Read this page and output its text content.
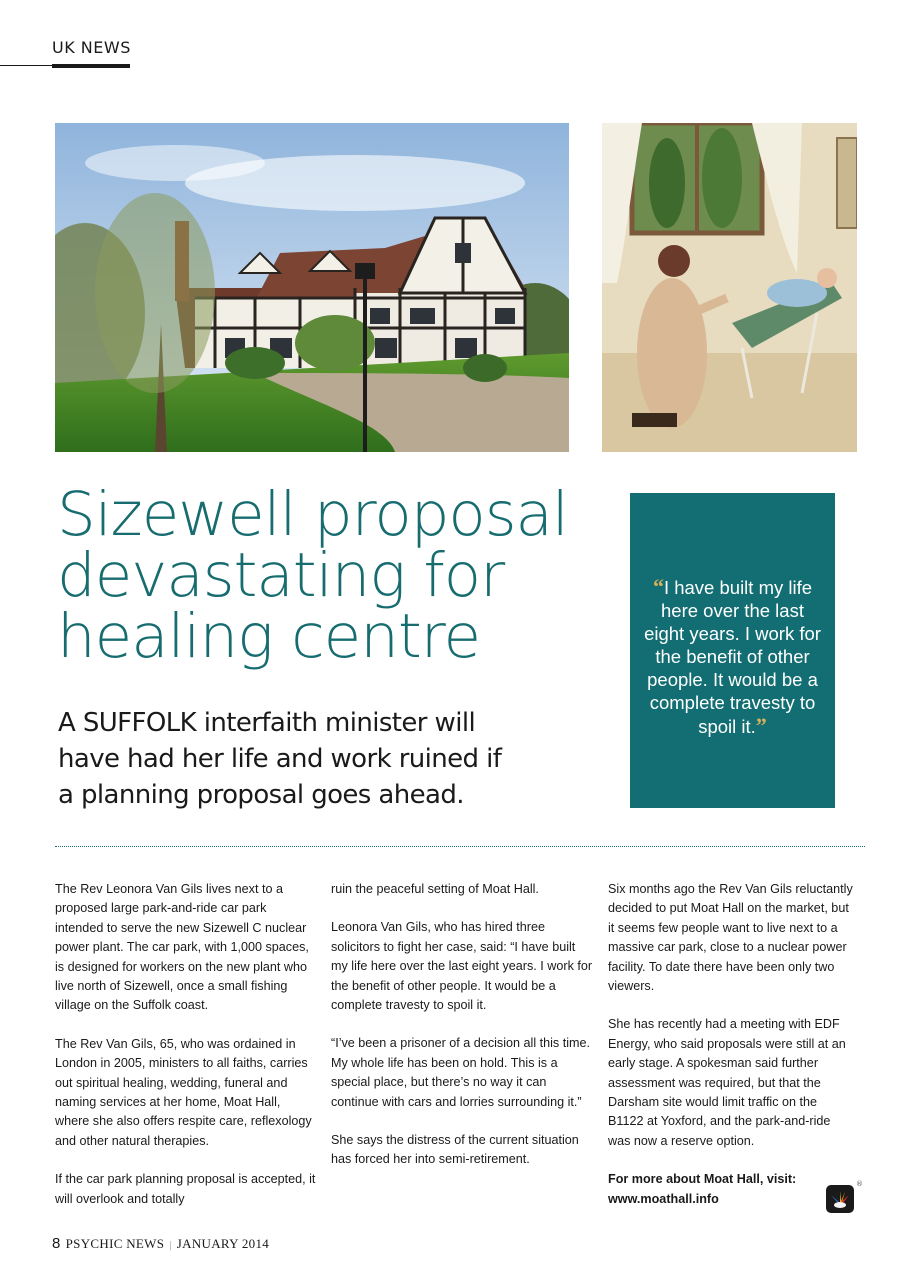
UK NEWS
Sizewell proposal
devastating for
healing centre

A SUFFOLK interfaith minister will have had her life and work ruined if a planning proposal goes ahead.

“I have built my life here over the last eight years. I work for the benefit of other people. It would be a complete travesty to spoil it.”

The Rev Leonora Van Gils lives next to a proposed large park-and-ride car park intended to serve the new Sizewell C nuclear power plant. The car park, with 1,000 spaces, is designed for workers on the new plant who live north of Sizewell, once a small fishing village on the Suffolk coast.

The Rev Van Gils, 65, who was ordained in London in 2005, ministers to all faiths, carries out spiritual healing, wedding, funeral and naming services at her home, Moat Hall, where she also offers respite care, reflexology and other natural therapies.

If the car park planning proposal is accepted, it will overlook and totally

ruin the peaceful setting of Moat Hall.

Leonora Van Gils, who has hired three solicitors to fight her case, said: “I have built my life here over the last eight years. I work for the benefit of other people. It would be a complete travesty to spoil it.

“I’ve been a prisoner of a decision all this time. My whole life has been on hold. This is a special place, but there’s no way it can continue with cars and lorries surrounding it.”

She says the distress of the current situation has forced her into semi-retirement.

Six months ago the Rev Van Gils reluctantly decided to put Moat Hall on the market, but it seems few people want to live next to a massive car park, close to a nuclear power facility. To date there have been only two viewers.

She has recently had a meeting with EDF Energy, who said proposals were still at an early stage. A spokesman said further assessment was required, but that the Darsham site would limit traffic on the B1122 at Yoxford, and the park-and-ride was now a reserve option.

For more about Moat Hall, visit:
www.moathall.info

®
8 PSYCHIC NEWS | JANUARY 2014
